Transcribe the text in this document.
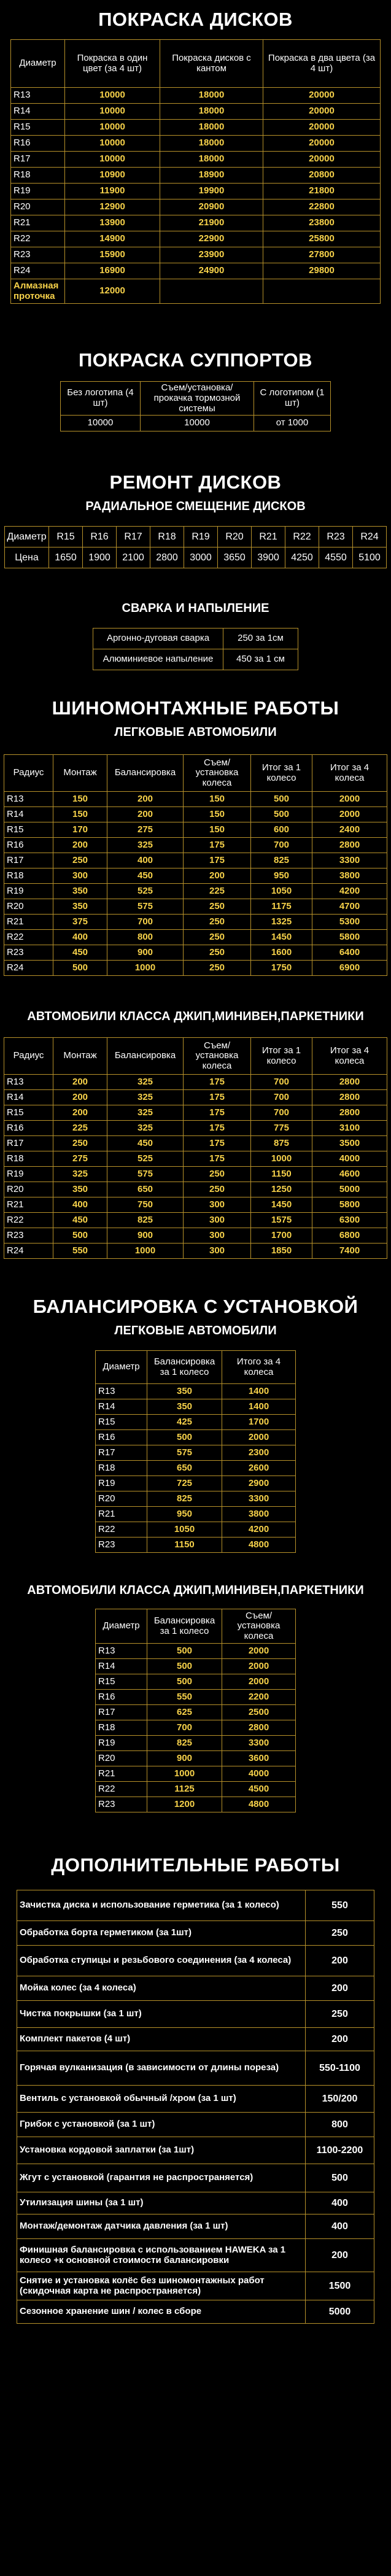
ПОКРАСКА ДИСКОВ
Диаметр	Покраска в один цвет (за 4 шт)	Покраска дисков с кантом	Покраска в два цвета (за 4 шт)
R13	10000	18000	20000
R14	10000	18000	20000
R15	10000	18000	20000
R16	10000	18000	20000
R17	10000	18000	20000
R18	10900	18900	20800
R19	11900	19900	21800
R20	12900	20900	22800
R21	13900	21900	23800
R22	14900	22900	25800
R23	15900	23900	27800
R24	16900	24900	29800
Алмазная проточка	12000		
ПОКРАСКА СУППОРТОВ
Без логотипа (4 шт)	Съем/установка/ прокачка тормозной системы	С логотипом (1 шт)
10000	10000	от 1000
РЕМОНТ ДИСКОВ
РАДИАЛЬНОЕ СМЕЩЕНИЕ ДИСКОВ
Диаметр	R15	R16	R17	R18	R19	R20	R21	R22	R23	R24
Цена	1650	1900	2100	2800	3000	3650	3900	4250	4550	5100
СВАРКА И НАПЫЛЕНИЕ
Аргонно-дуговая сварка	250 за 1см
Алюминиевое напыление	450 за 1 см
ШИНОМОНТАЖНЫЕ РАБОТЫ
ЛЕГКОВЫЕ АВТОМОБИЛИ
Радиус	Монтаж	Балансировка	Съем/ установка колеса	Итог за 1 колесо	Итог за 4 колеса
R13	150	200	150	500	2000
R14	150	200	150	500	2000
R15	170	275	150	600	2400
R16	200	325	175	700	2800
R17	250	400	175	825	3300
R18	300	450	200	950	3800
R19	350	525	225	1050	4200
R20	350	575	250	1175	4700
R21	375	700	250	1325	5300
R22	400	800	250	1450	5800
R23	450	900	250	1600	6400
R24	500	1000	250	1750	6900
АВТОМОБИЛИ КЛАССА ДЖИП,МИНИВЕН,ПАРКЕТНИКИ
Радиус	Монтаж	Балансировка	Съем/ установка колеса	Итог за 1 колесо	Итог за 4 колеса
R13	200	325	175	700	2800
R14	200	325	175	700	2800
R15	200	325	175	700	2800
R16	225	325	175	775	3100
R17	250	450	175	875	3500
R18	275	525	175	1000	4000
R19	325	575	250	1150	4600
R20	350	650	250	1250	5000
R21	400	750	300	1450	5800
R22	450	825	300	1575	6300
R23	500	900	300	1700	6800
R24	550	1000	300	1850	7400
БАЛАНСИРОВКА С УСТАНОВКОЙ
ЛЕГКОВЫЕ АВТОМОБИЛИ
Диаметр	Балансировка за 1 колесо	Итого за 4 колеса
R13	350	1400
R14	350	1400
R15	425	1700
R16	500	2000
R17	575	2300
R18	650	2600
R19	725	2900
R20	825	3300
R21	950	3800
R22	1050	4200
R23	1150	4800
АВТОМОБИЛИ КЛАССА ДЖИП,МИНИВЕН,ПАРКЕТНИКИ
Диаметр	Балансировка за 1 колесо	Съем/ установка колеса
R13	500	2000
R14	500	2000
R15	500	2000
R16	550	2200
R17	625	2500
R18	700	2800
R19	825	3300
R20	900	3600
R21	1000	4000
R22	1125	4500
R23	1200	4800
ДОПОЛНИТЕЛЬНЫЕ РАБОТЫ
Зачистка диска и использование герметика (за 1 колесо)	550
Обработка борта герметиком (за 1шт)	250
Обработка ступицы и резьбового соединения (за 4 колеса)	200
Мойка колес (за 4 колеса)	200
Чистка покрышки (за 1 шт)	250
Комплект пакетов (4 шт)	200
Горячая вулканизация (в зависимости от длины пореза)	550-1100
Вентиль с установкой обычный /хром (за 1 шт)	150/200
Грибок с установкой (за 1 шт)	800
Установка кордовой заплатки (за 1шт)	1100-2200
Жгут с установкой (гарантия не распространяется)	500
Утилизация шины (за 1 шт)	400
Монтаж/демонтаж датчика давления (за 1 шт)	400
Финишная балансировка с использованием HAWEKA за 1 колесо +к основной стоимости балансировки	200
Снятие и установка колёс без шиномонтажных работ (скидочная карта не распространяется)	1500
Сезонное хранение шин / колес в сборе	5000
